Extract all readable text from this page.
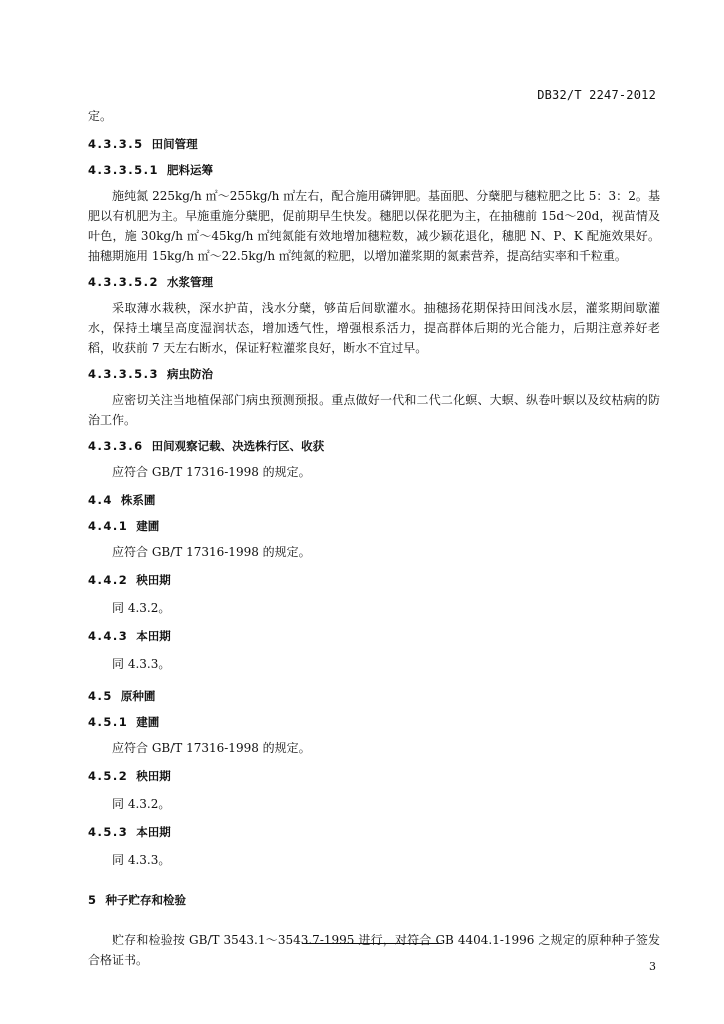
DB32/T 2247-2012

定。

4.3.3.5 田间管理

4.3.3.5.1 肥料运筹

施纯氮 225kg/h ㎡～255kg/h ㎡左右，配合施用磷钾肥。基面肥、分蘖肥与穗粒肥之比 5：3：2。基肥以有机肥为主。早施重施分蘖肥，促前期早生快发。穗肥以保花肥为主，在抽穗前 15d～20d，视苗情及叶色，施 30kg/h ㎡～45kg/h ㎡纯氮能有效地增加穗粒数，减少颖花退化，穗肥 N、P、K 配施效果好。抽穗期施用 15kg/h ㎡～22.5kg/h ㎡纯氮的粒肥，以增加灌浆期的氮素营养，提高结实率和千粒重。

4.3.3.5.2 水浆管理

采取薄水栽秧，深水护苗，浅水分蘖，够苗后间歇灌水。抽穗扬花期保持田间浅水层，灌浆期间歇灌水，保持土壤呈高度湿润状态，增加透气性，增强根系活力，提高群体后期的光合能力，后期注意养好老稻，收获前 7 天左右断水，保证籽粒灌浆良好，断水不宜过早。

4.3.3.5.3 病虫防治

应密切关注当地植保部门病虫预测预报。重点做好一代和二代二化螟、大螟、纵卷叶螟以及纹枯病的防治工作。

4.3.3.6 田间观察记载、决选株行区、收获

应符合 GB/T 17316-1998 的规定。

4.4 株系圃

4.4.1 建圃

应符合 GB/T 17316-1998 的规定。

4.4.2 秧田期

同 4.3.2。

4.4.3 本田期

同 4.3.3。

4.5 原种圃

4.5.1 建圃

应符合 GB/T 17316-1998 的规定。

4.5.2 秧田期

同 4.3.2。

4.5.3 本田期

同 4.3.3。

5 种子贮存和检验

贮存和检验按 GB/T 3543.1～3543.7-1995 进行，对符合 GB 4404.1-1996 之规定的原种种子签发合格证书。	3
